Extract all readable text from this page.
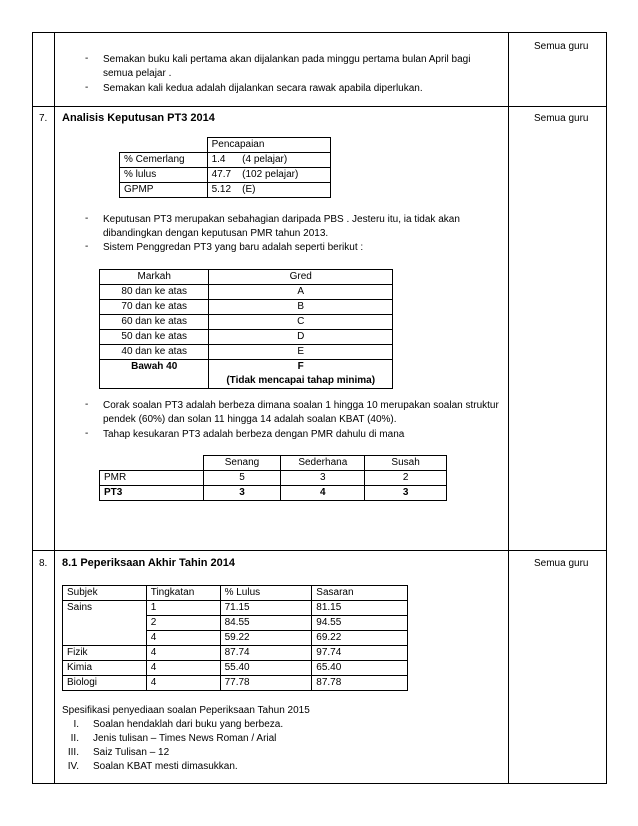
Semua guru
- Semakan buku kali pertama akan dijalankan pada minggu pertama bulan April bagi semua pelajar .
- Semakan kali kedua adalah dijalankan secara rawak apabila diperlukan.
7. Analisis Keputusan PT3 2014	Semua guru
	Pencapaian
% Cemerlang	1.4      (4 pelajar)
% lulus	47.7    (102 pelajar)
GPMP	5.12    (E)
- Keputusan PT3 merupakan sebahagian daripada PBS . Jesteru itu, ia tidak akan dibandingkan dengan keputusan PMR tahun 2013.
- Sistem Penggredan PT3 yang baru adalah seperti berikut :
Markah	Gred
80 dan ke atas	A
70 dan ke atas	B
60 dan ke atas	C
50 dan ke atas	D
40 dan ke atas	E
Bawah 40	F
(Tidak mencapai tahap minima)
- Corak soalan PT3 adalah berbeza dimana soalan 1 hingga 10 merupakan soalan struktur pendek (60%) dan solan 11 hingga 14 adalah soalan KBAT (40%).
- Tahap kesukaran PT3 adalah berbeza dengan PMR dahulu di mana
	Senang	Sederhana	Susah
PMR	5	3	2
PT3	3	4	3
8. 8.1 Peperiksaan Akhir Tahin 2014	Semua guru
Subjek	Tingkatan	% Lulus	Sasaran
Sains	1	71.15	81.15
	2	84.55	94.55
	4	59.22	69.22
Fizik	4	87.74	97.74
Kimia	4	55.40	65.40
Biologi	4	77.78	87.78
Spesifikasi penyediaan soalan Peperiksaan Tahun 2015
I. Soalan hendaklah dari buku yang berbeza.
II. Jenis tulisan – Times News Roman / Arial
III. Saiz Tulisan – 12
IV. Soalan KBAT mesti dimasukkan.
